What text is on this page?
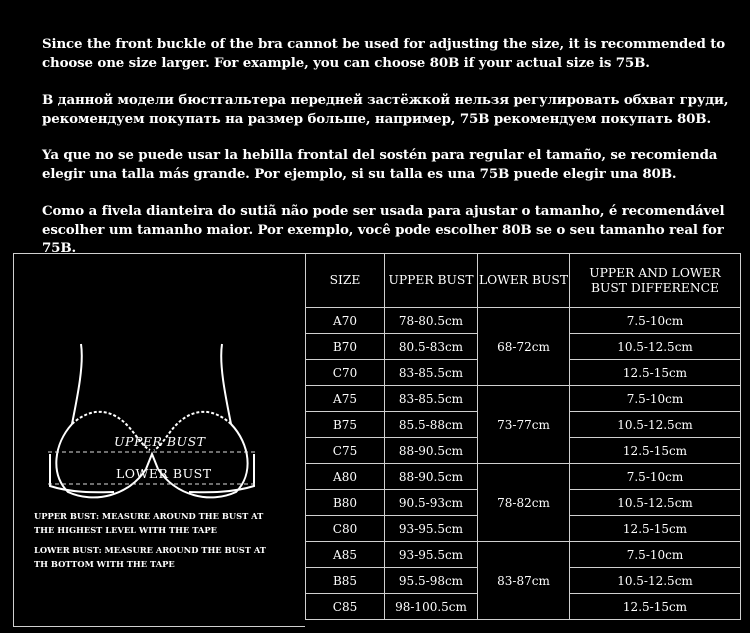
Since the front buckle of the bra cannot be used for adjusting the size, it is recommended to choose one size larger. For example, you can choose 80B if your actual size is 75B.

В данной модели бюстгальтера передней застёжкой нельзя регулировать обхват груди, рекомендуем покупать на размер больше, например, 75B рекомендуем покупать 80B.

Ya que no se puede usar la hebilla frontal del sostén para regular el tamaño, se recomienda elegir una talla más grande. Por ejemplo, si su talla es una 75B puede elegir una 80B.

Como a fivela dianteira do sutiã não pode ser usada para ajustar o tamanho, é recomendável escolher um tamanho maior. Por exemplo, você pode escolher 80B se o seu tamanho real for 75B.

UPPER BUST
LOWER BUST
UPPER BUST: MEASURE AROUND THE BUST AT THE HIGHEST LEVEL WITH THE TAPE
LOWER BUST: MEASURE AROUND THE BUST AT TH BOTTOM WITH THE TAPE
SIZE	UPPER BUST	LOWER BUST	UPPER AND LOWER BUST DIFFERENCE
A70	78-80.5cm	68-72cm	7.5-10cm
B70	80.5-83cm		10.5-12.5cm
C70	83-85.5cm		12.5-15cm
A75	83-85.5cm	73-77cm	7.5-10cm
B75	85.5-88cm		10.5-12.5cm
C75	88-90.5cm		12.5-15cm
A80	88-90.5cm	78-82cm	7.5-10cm
B80	90.5-93cm		10.5-12.5cm
C80	93-95.5cm		12.5-15cm
A85	93-95.5cm	83-87cm	7.5-10cm
B85	95.5-98cm		10.5-12.5cm
C85	98-100.5cm		12.5-15cm
